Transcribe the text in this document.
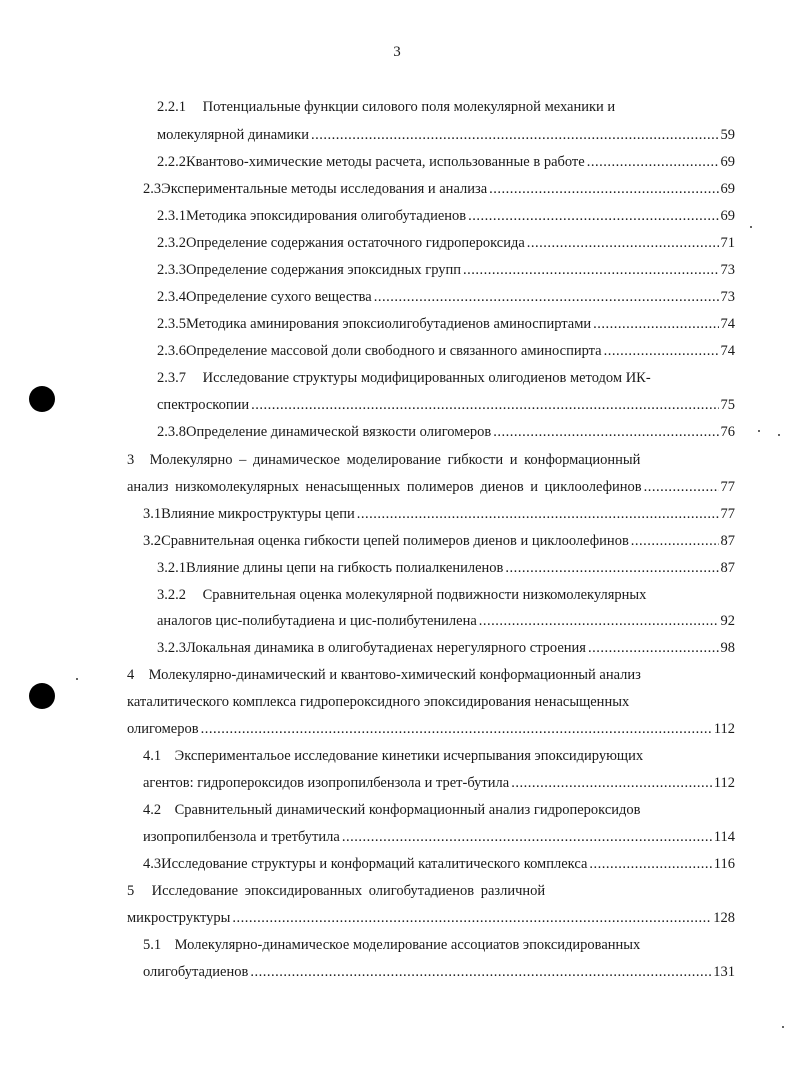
3
2.2.1 Потенциальные функции силового поля молекулярной механики и
молекулярной динамики .....	59
2.2.2 Квантово-химические методы расчета, использованные в работе .....	69
2.3 Экспериментальные методы исследования и анализа .....	69
2.3.1 Методика эпоксидирования олигобутадиенов .....	69
2.3.2 Определение содержания остаточного гидропероксида .....	71
2.3.3 Определение содержания эпоксидных групп .....	73
2.3.4 Определение сухого вещества .....	73
2.3.5 Методика аминирования эпоксиолигобутадиенов аминоспиртами .....	74
2.3.6 Определение массовой доли свободного и связанного аминоспирта .....	74
2.3.7 Исследование структуры модифицированных олигодиенов методом ИК-
спектроскопии .....	75
2.3.8 Определение динамической вязкости олигомеров .....	76
3 Молекулярно – динамическое моделирование гибкости и конформационный
анализ низкомолекулярных ненасыщенных полимеров диенов и циклоолефинов .....	77
3.1 Влияние микроструктуры цепи .....	77
3.2 Сравнительная оценка гибкости цепей полимеров диенов и циклоолефинов .....	87
3.2.1 Влияние длины цепи на гибкость полиалкениленов .....	87
3.2.2 Сравнительная оценка молекулярной подвижности низкомолекулярных
аналогов цис-полибутадиена и цис-полибутенилена .....	92
3.2.3 Локальная динамика в олигобутадиенах нерегулярного строения .....	98
4 Молекулярно-динамический и квантово-химический конформационный анализ
каталитического комплекса гидропероксидного эпоксидирования ненасыщенных
олигомеров .....	112
4.1 Экспериментальое исследование кинетики исчерпывания эпоксидирующих
агентов: гидропероксидов изопропилбензола и трет-бутила .....	112
4.2 Сравнительный динамический конформационный анализ гидропероксидов
изопропилбензола и третбутила .....	114
4.3 Исследование структуры и конформаций каталитического комплекса .....	116
5 Исследование эпоксидированных олигобутадиенов различной
микроструктуры .....	128
5.1 Молекулярно-динамическое моделирование ассоциатов эпоксидированных
олигобутадиенов .....	131
